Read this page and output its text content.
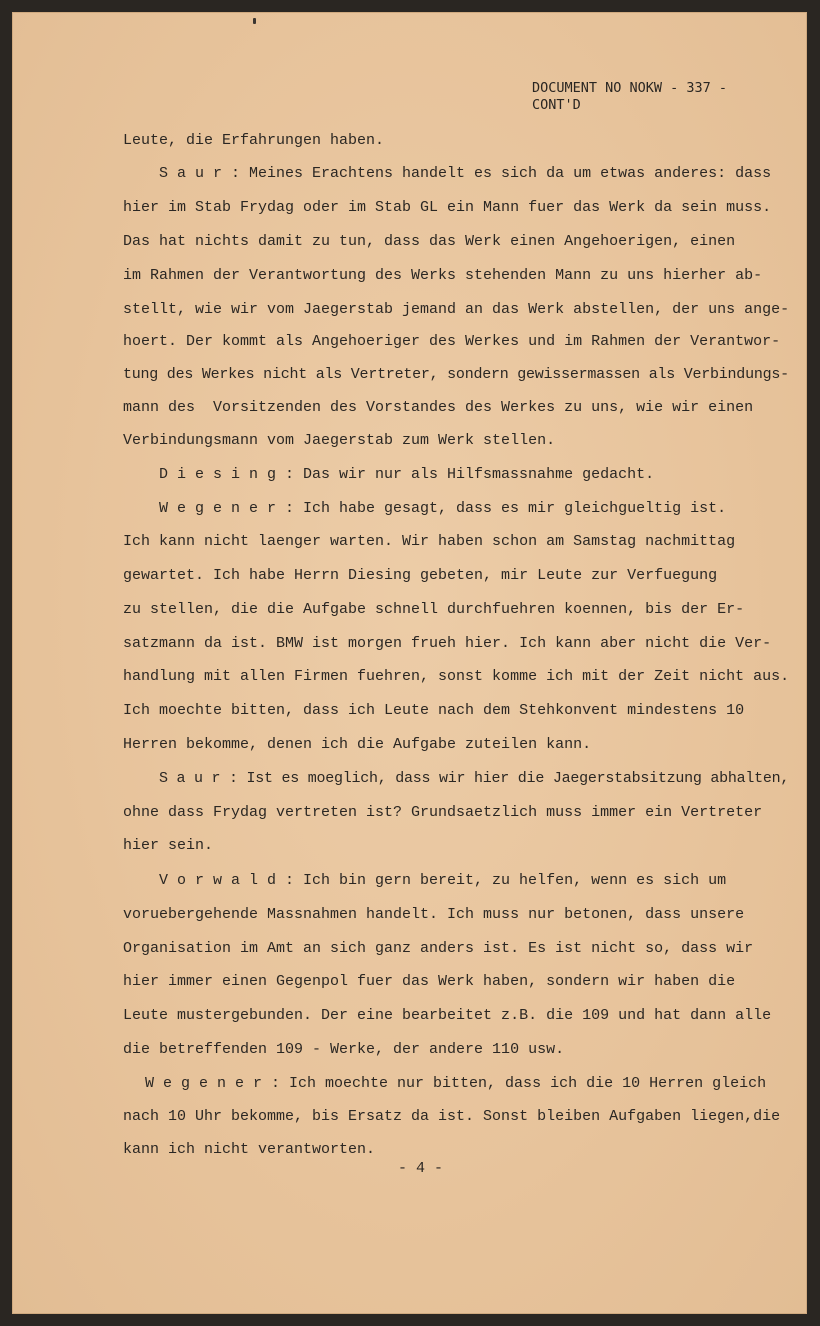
DOCUMENT NO NOKW - 337 -
CONT'D
Leute, die Erfahrungen haben.
S a u r : Meines Erachtens handelt es sich da um etwas anderes: dass
hier im Stab Frydag oder im Stab GL ein Mann fuer das Werk da sein muss.
Das hat nichts damit zu tun, dass das Werk einen Angehoerigen, einen
im Rahmen der Verantwortung des Werks stehenden Mann zu uns hierher ab-
stellt, wie wir vom Jaegerstab jemand an das Werk abstellen, der uns ange-
hoert. Der kommt als Angehoeriger des Werkes und im Rahmen der Verantwor-
tung des Werkes nicht als Vertreter, sondern gewissermassen als Verbindungs-
mann des  Vorsitzenden des Vorstandes des Werkes zu uns, wie wir einen
Verbindungsmann vom Jaegerstab zum Werk stellen.
D i e s i n g : Das wir nur als Hilfsmassnahme gedacht.
W e g e n e r : Ich habe gesagt, dass es mir gleichgueltig ist.
Ich kann nicht laenger warten. Wir haben schon am Samstag nachmittag
gewartet. Ich habe Herrn Diesing gebeten, mir Leute zur Verfuegung
zu stellen, die die Aufgabe schnell durchfuehren koennen, bis der Er-
satzmann da ist. BMW ist morgen frueh hier. Ich kann aber nicht die Ver-
handlung mit allen Firmen fuehren, sonst komme ich mit der Zeit nicht aus.
Ich moechte bitten, dass ich Leute nach dem Stehkonvent mindestens 10
Herren bekomme, denen ich die Aufgabe zuteilen kann.
S a u r : Ist es moeglich, dass wir hier die Jaegerstabsitzung abhalten,
ohne dass Frydag vertreten ist? Grundsaetzlich muss immer ein Vertreter
hier sein.
V o r w a l d : Ich bin gern bereit, zu helfen, wenn es sich um
voruebergehende Massnahmen handelt. Ich muss nur betonen, dass unsere
Organisation im Amt an sich ganz anders ist. Es ist nicht so, dass wir
hier immer einen Gegenpol fuer das Werk haben, sondern wir haben die
Leute mustergebunden. Der eine bearbeitet z.B. die 109 und hat dann alle
die betreffenden 109 - Werke, der andere 110 usw.
W e g e n e r : Ich moechte nur bitten, dass ich die 10 Herren gleich
nach 10 Uhr bekomme, bis Ersatz da ist. Sonst bleiben Aufgaben liegen,die
kann ich nicht verantworten.
- 4 -
